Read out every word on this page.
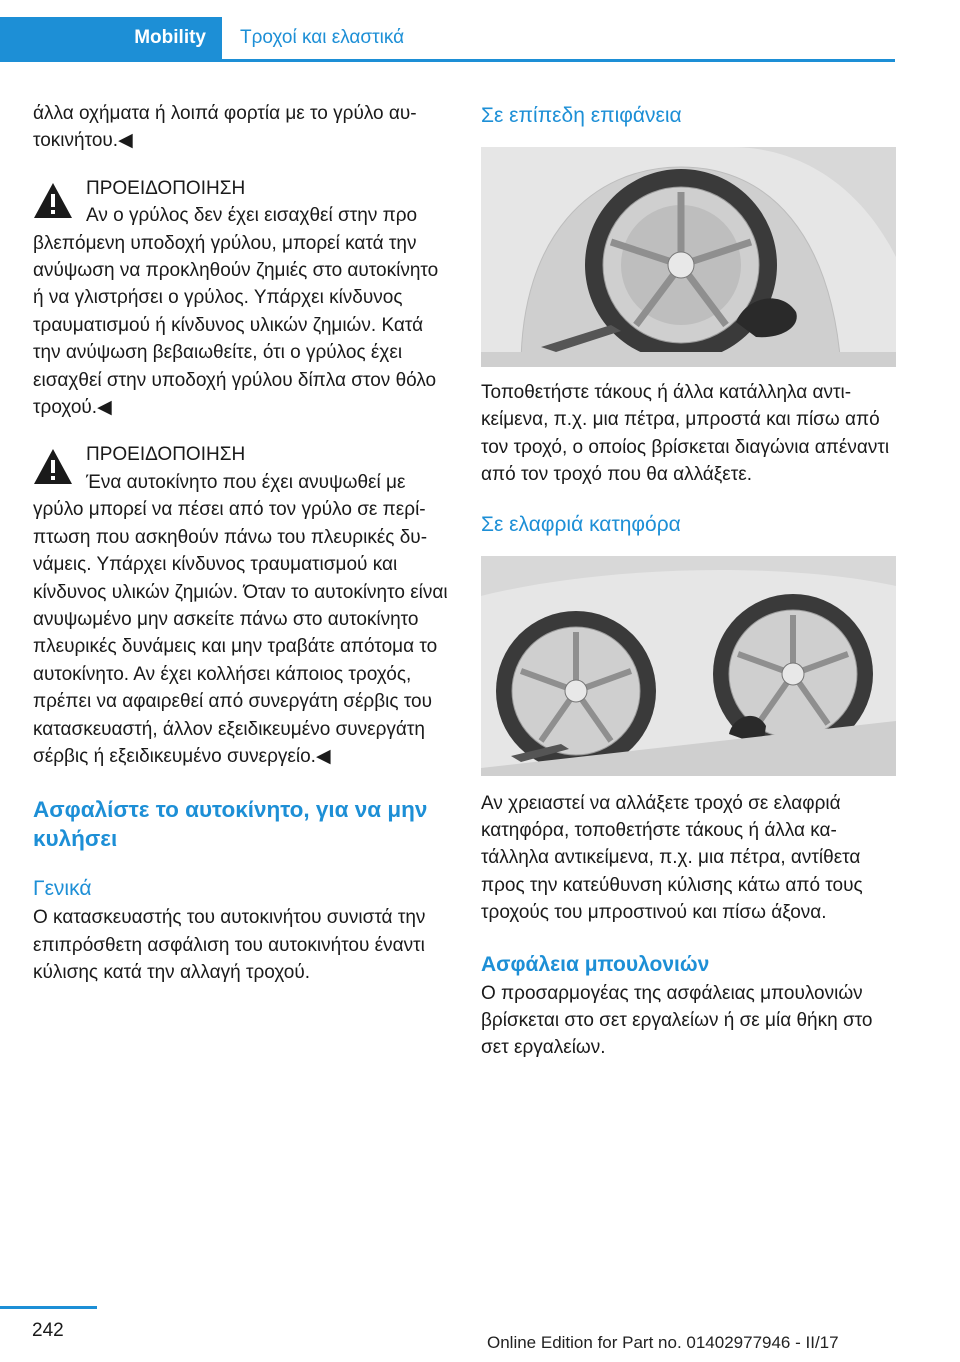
Mobility Τροχοί και ελαστικά

άλλα οχήματα ή λοιπά φορτία με το γρύλο αυτοκινήτου.◀

ΠΡΟΕΙΔΟΠΟΙΗΣΗ
Αν ο γρύλος δεν έχει εισαχθεί στην προ

βλεπόμενη υποδοχή γρύλου, μπορεί κατά την ανύψωση να προκληθούν ζημιές στο αυτοκίνητο ή να γλιστρήσει ο γρύλος. Υπάρχει κίνδυνος τραυματισμού ή κίνδυνος υλικών ζημιών. Κατά την ανύψωση βεβαιωθείτε, ότι ο γρύλος έχει εισαχθεί στην υποδοχή γρύλου δίπλα στον θόλο τροχού.◀

ΠΡΟΕΙΔΟΠΟΙΗΣΗ
Ένα αυτοκίνητο που έχει ανυψωθεί με

γρύλο μπορεί να πέσει από τον γρύλο σε περίπτωση που ασκηθούν πάνω του πλευρικές δυνάμεις. Υπάρχει κίνδυνος τραυματισμού και κίνδυνος υλικών ζημιών. Όταν το αυτοκίνητο είναι ανυψωμένο μην ασκείτε πάνω στο αυτοκίνητο πλευρικές δυνάμεις και μην τραβάτε απότομα το αυτοκίνητο. Αν έχει κολλήσει κάποιος τροχός, πρέπει να αφαιρεθεί από συνεργάτη σέρβις του κατασκευαστή, άλλον εξειδικευμένο συνεργάτη σέρβις ή εξειδικευμένο συνεργείο.◀

Ασφαλίστε το αυτοκίνητο, για να μην κυλήσει
Γενικά

Ο κατασκευαστής του αυτοκινήτου συνιστά την επιπρόσθετη ασφάλιση του αυτοκινήτου έναντι κύλισης κατά την αλλαγή τροχού.

Σε επίπεδη επιφάνεια

Τοποθετήστε τάκους ή άλλα κατάλληλα αντικείμενα, π.χ. μια πέτρα, μπροστά και πίσω από τον τροχό, ο οποίος βρίσκεται διαγώνια απέναντι από τον τροχό που θα αλλάξετε.

Σε ελαφριά κατηφόρα

Αν χρειαστεί να αλλάξετε τροχό σε ελαφριά κατηφόρα, τοποθετήστε τάκους ή άλλα κατάλληλα αντικείμενα, π.χ. μια πέτρα, αντίθετα προς την κατεύθυνση κύλισης κάτω από τους τροχούς του μπροστινού και πίσω άξονα.

Ασφάλεια μπουλονιών

Ο προσαρμογέας της ασφάλειας μπουλονιών βρίσκεται στο σετ εργαλείων ή σε μία θήκη στο σετ εργαλείων.

242
Online Edition for Part no. 01402977946 - II/17
